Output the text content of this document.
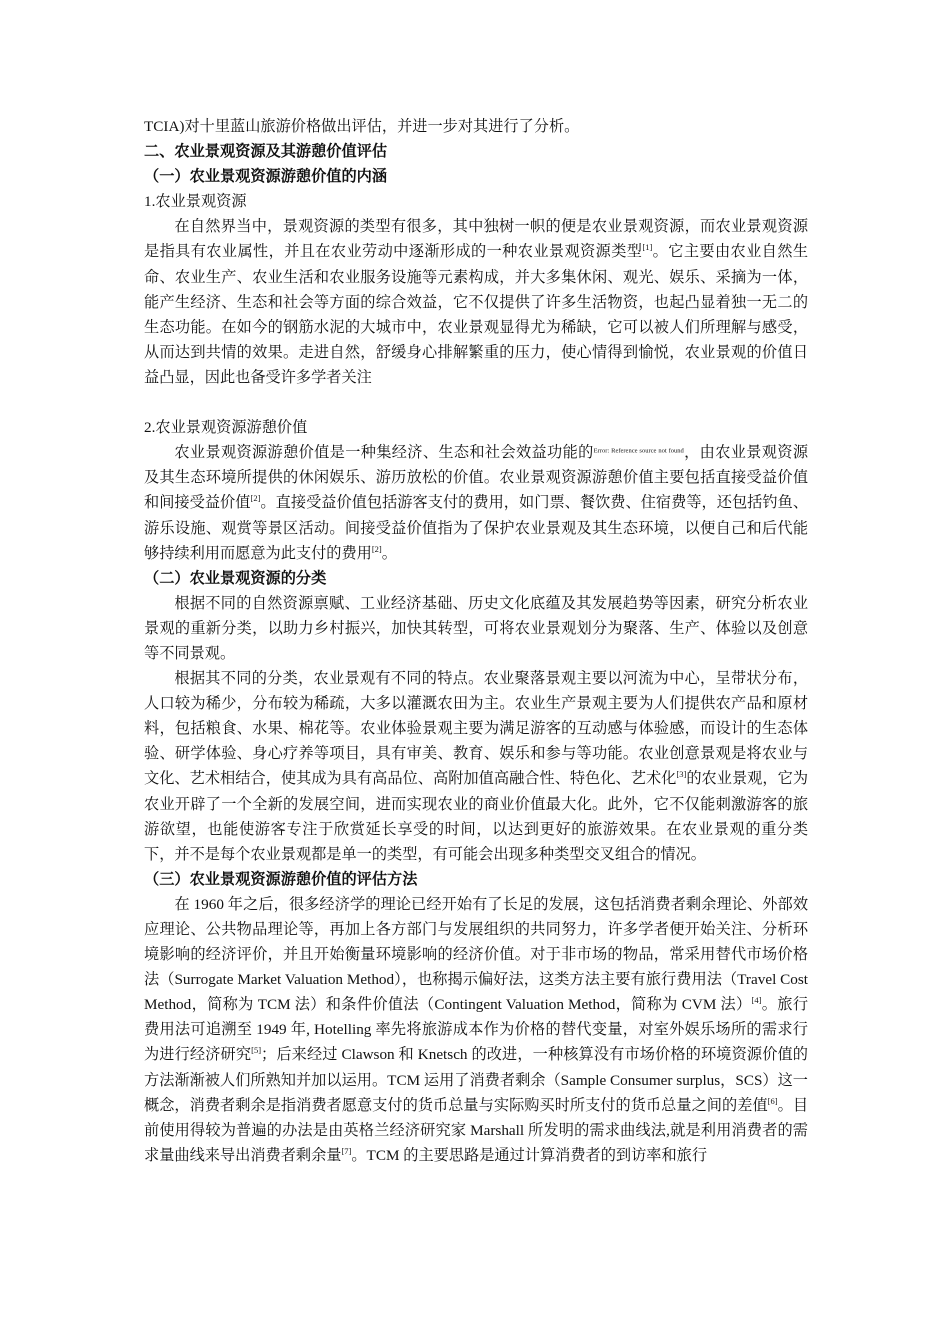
TCIA)对十里蓝山旅游价格做出评估，并进一步对其进行了分析。

二、农业景观资源及其游憩价值评估

（一）农业景观资源游憩价值的内涵

1.农业景观资源

在自然界当中，景观资源的类型有很多，其中独树一帜的便是农业景观资源，而农业景观资源是指具有农业属性，并且在农业劳动中逐渐形成的一种农业景观资源类型[1]。它主要由农业自然生命、农业生产、农业生活和农业服务设施等元素构成，并大多集休闲、观光、娱乐、采摘为一体，能产生经济、生态和社会等方面的综合效益，它不仅提供了许多生活物资，也起凸显着独一无二的生态功能。在如今的钢筋水泥的大城市中，农业景观显得尤为稀缺，它可以被人们所理解与感受，从而达到共情的效果。走进自然，舒缓身心排解繁重的压力，使心情得到愉悦，农业景观的价值日益凸显，因此也备受许多学者关注

2.农业景观资源游憩价值

农业景观资源游憩价值是一种集经济、生态和社会效益功能的$^{Error: Reference source not found}$，由农业景观资源及其生态环境所提供的休闲娱乐、游历放松的价值。农业景观资源游憩价值主要包括直接受益价值和间接受益价值[2]。直接受益价值包括游客支付的费用，如门票、餐饮费、住宿费等，还包括钓鱼、游乐设施、观赏等景区活动。间接受益价值指为了保护农业景观及其生态环境，以便自己和后代能够持续利用而愿意为此支付的费用[2]。

（二）农业景观资源的分类

根据不同的自然资源禀赋、工业经济基础、历史文化底蕴及其发展趋势等因素，研究分析农业景观的重新分类，以助力乡村振兴，加快其转型，可将农业景观划分为聚落、生产、体验以及创意等不同景观。

根据其不同的分类，农业景观有不同的特点。农业聚落景观主要以河流为中心，呈带状分布，人口较为稀少，分布较为稀疏，大多以灌溉农田为主。农业生产景观主要为人们提供农产品和原材料，包括粮食、水果、棉花等。农业体验景观主要为满足游客的互动感与体验感，而设计的生态体验、研学体验、身心疗养等项目，具有审美、教育、娱乐和参与等功能。农业创意景观是将农业与文化、艺术相结合，使其成为具有高品位、高附加值高融合性、特色化、艺术化[3]的农业景观，它为农业开辟了一个全新的发展空间，进而实现农业的商业价值最大化。此外，它不仅能刺激游客的旅游欲望，也能使游客专注于欣赏延长享受的时间，以达到更好的旅游效果。在农业景观的重分类下，并不是每个农业景观都是单一的类型，有可能会出现多种类型交叉组合的情况。

（三）农业景观资源游憩价值的评估方法

在 1960 年之后，很多经济学的理论已经开始有了长足的发展，这包括消费者剩余理论、外部效应理论、公共物品理论等，再加上各方部门与发展组织的共同努力，许多学者便开始关注、分析环境影响的经济评价，并且开始衡量环境影响的经济价值。对于非市场的物品，常采用替代市场价格法（Surrogate Market Valuation Method），也称揭示偏好法，这类方法主要有旅行费用法（Travel Cost Method，简称为 TCM 法）和条件价值法（Contingent Valuation Method，简称为 CVM 法）[4]。旅行费用法可追溯至 1949 年, Hotelling 率先将旅游成本作为价格的替代变量，对室外娱乐场所的需求行为进行经济研究[5]；后来经过 Clawson 和 Knetsch 的改进，一种核算没有市场价格的环境资源价值的方法渐渐被人们所熟知并加以运用。TCM 运用了消费者剩余（Sample Consumer surplus，SCS）这一概念，消费者剩余是指消费者愿意支付的货币总量与实际购买时所支付的货币总量之间的差值[6]。目前使用得较为普遍的办法是由英格兰经济研究家 Marshall 所发明的需求曲线法,就是利用消费者的需求量曲线来导出消费者剩余量[7]。TCM 的主要思路是通过计算消费者的到访率和旅行
